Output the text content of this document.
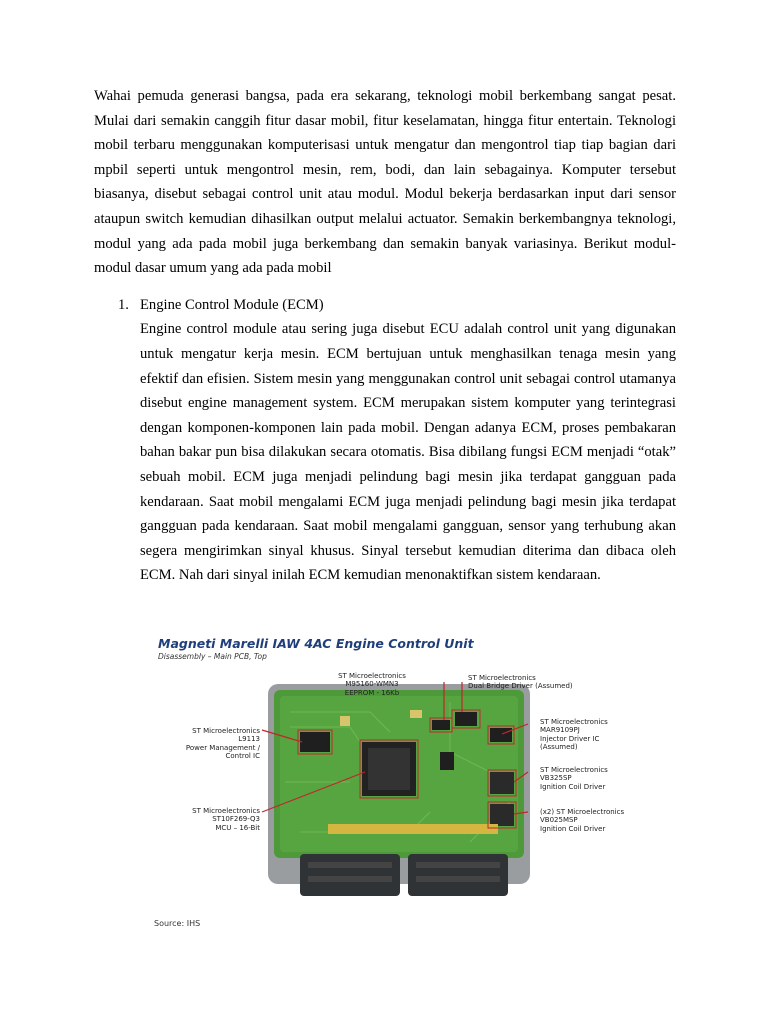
Wahai pemuda generasi bangsa, pada era sekarang, teknologi mobil berkembang sangat pesat. Mulai dari semakin canggih fitur dasar mobil, fitur keselamatan, hingga fitur entertain. Teknologi mobil terbaru menggunakan komputerisasi untuk mengatur dan mengontrol tiap tiap bagian dari mpbil seperti untuk mengontrol mesin, rem, bodi, dan lain sebagainya. Komputer tersebut biasanya, disebut sebagai control unit atau modul. Modul bekerja berdasarkan input dari sensor ataupun switch kemudian dihasilkan output melalui actuator. Semakin berkembangnya teknologi, modul yang ada pada mobil juga berkembang dan semakin banyak variasinya. Berikut modul-modul dasar umum yang ada pada mobil

1. Engine Control Module (ECM)

Engine control module atau sering juga disebut ECU adalah control unit yang digunakan untuk mengatur kerja mesin. ECM bertujuan untuk menghasilkan tenaga mesin yang efektif dan efisien. Sistem mesin yang menggunakan control unit sebagai control utamanya disebut engine management system. ECM merupakan sistem komputer yang terintegrasi dengan komponen-komponen lain pada mobil. Dengan adanya ECM, proses pembakaran bahan bakar pun bisa dilakukan secara otomatis. Bisa dibilang fungsi ECM menjadi “otak” sebuah mobil. ECM juga menjadi pelindung bagi mesin jika terdapat gangguan pada kendaraan. Saat mobil mengalami ECM juga menjadi pelindung bagi mesin jika terdapat gangguan pada kendaraan. Saat mobil mengalami gangguan, sensor yang terhubung akan segera mengirimkan sinyal khusus. Sinyal tersebut kemudian diterima dan dibaca oleh ECM. Nah dari sinyal inilah ECM kemudian menonaktifkan sistem kendaraan.

Magneti Marelli IAW 4AC Engine Control Unit
Disassembly – Main PCB, Top
ST Microelectronics
M95160-WMN3
EEPROM - 16Kb
ST Microelectronics
Dual Bridge Driver (Assumed)
ST Microelectronics
L9113
Power Management /
Control IC
ST Microelectronics
ST10F269-Q3
MCU – 16-Bit
ST Microelectronics
MAR9109PJ
Injector Driver IC
(Assumed)
ST Microelectronics
VB325SP
Ignition Coil Driver
(x2) ST Microelectronics
VB025MSP
Ignition Coil Driver
Source: IHS
